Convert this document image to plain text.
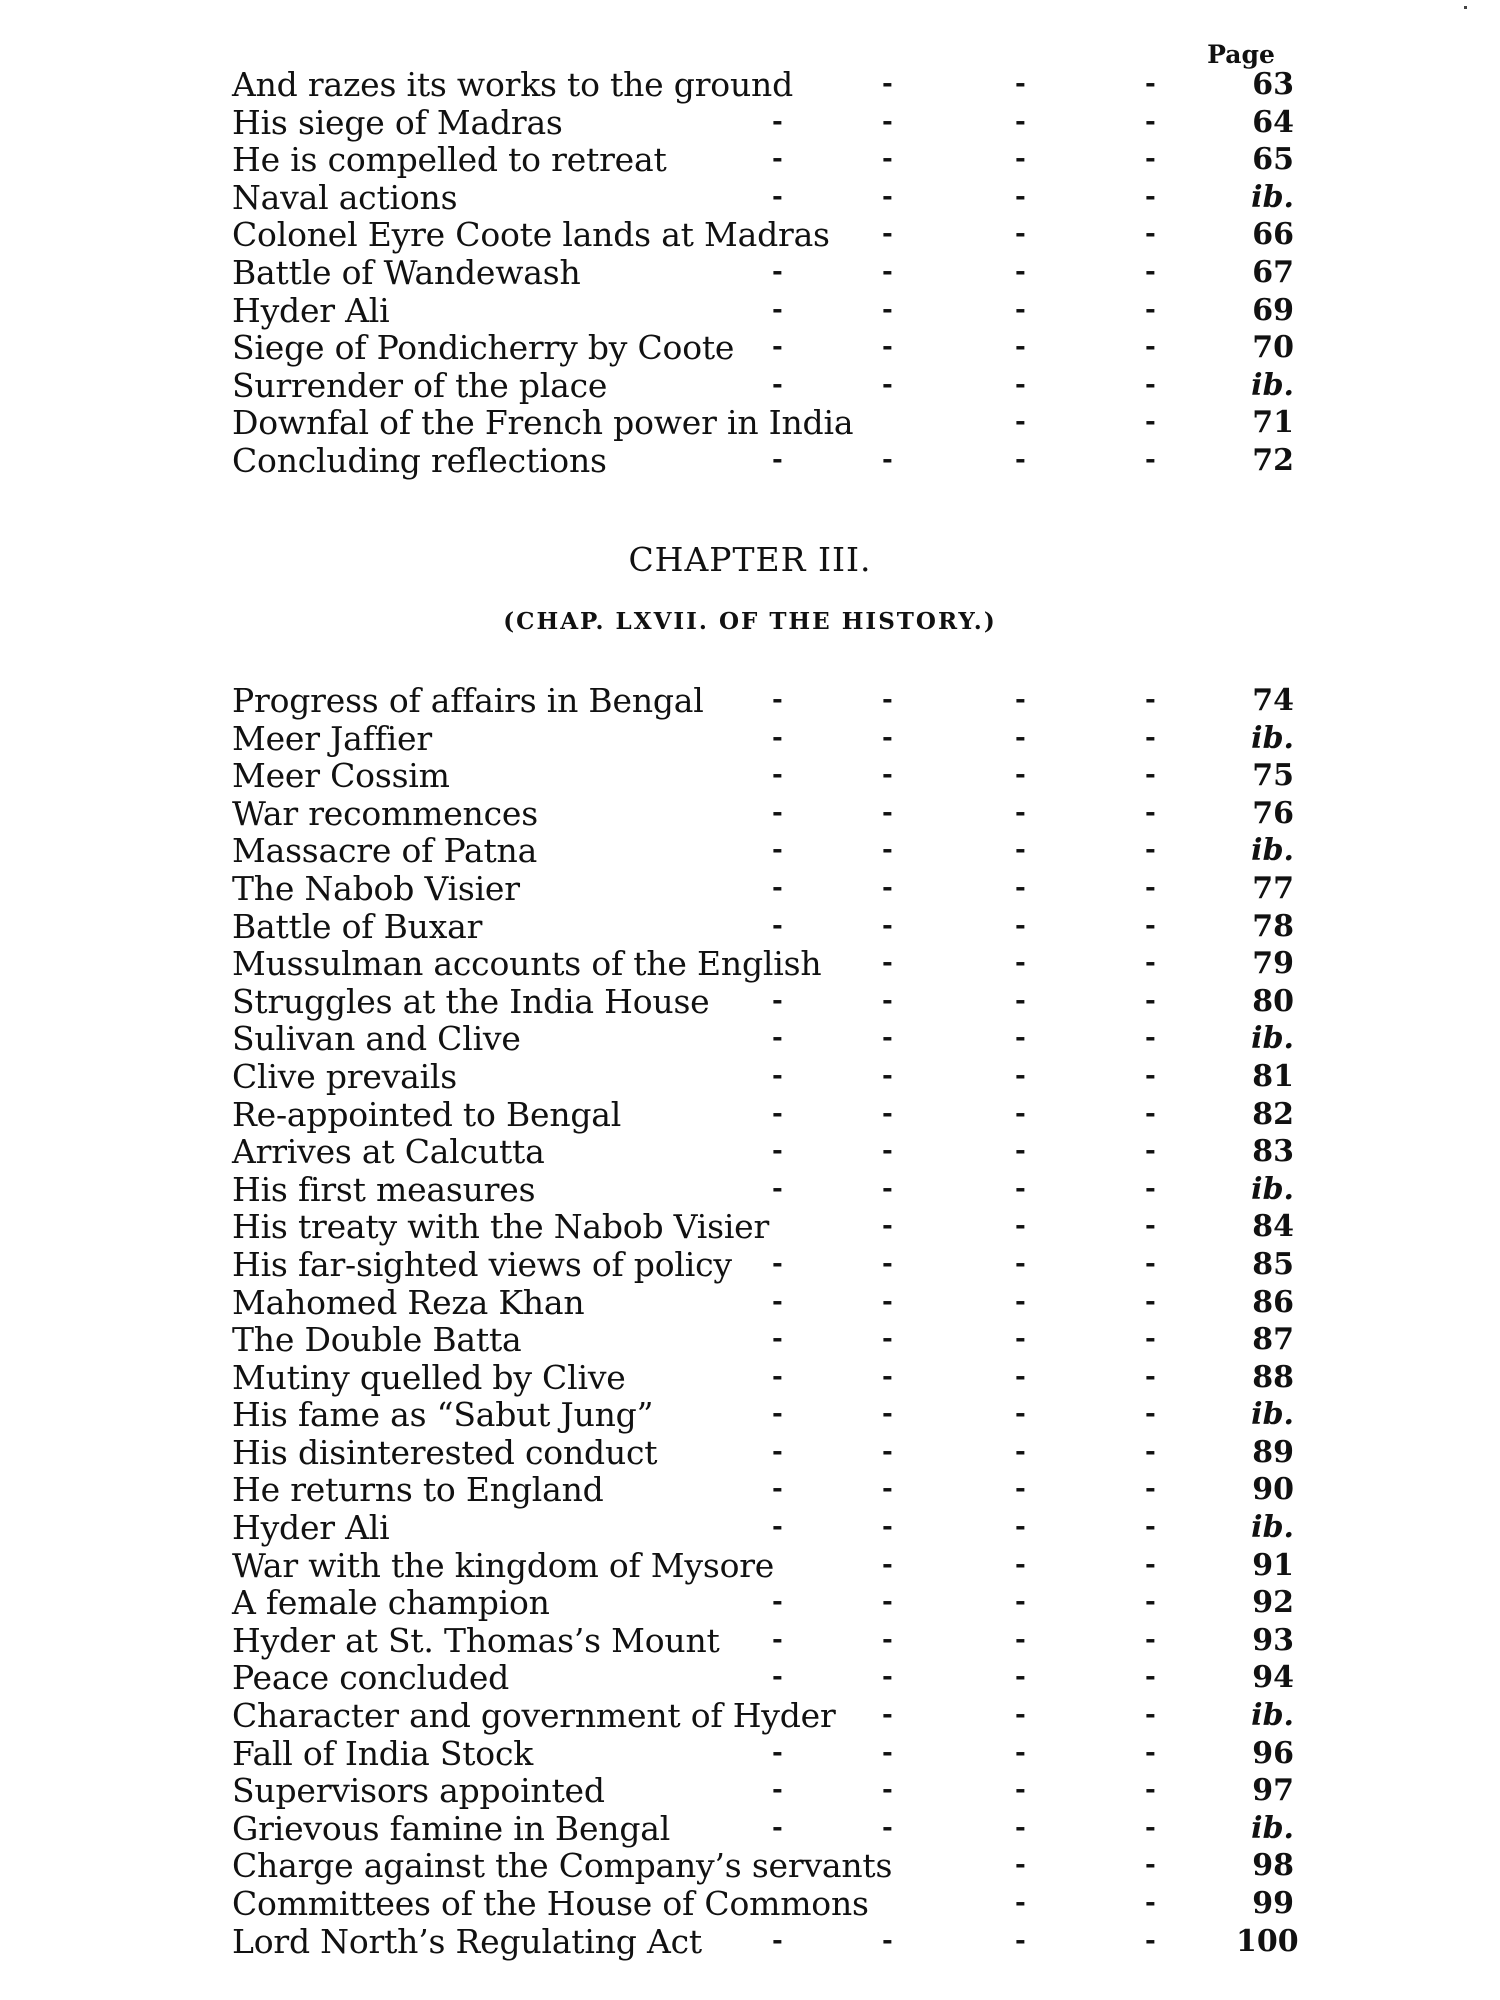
Page
And razes its works to the ground	-	-	-	63
His siege of Madras	-	-	-	-	64
He is compelled to retreat	-	-	-	-	65
Naval actions	-	-	-	-	ib.
Colonel Eyre Coote lands at Madras -	-	-	66
Battle of Wandewash	-	-	-	-	67
Hyder Ali	-	-	-	-	69
Siege of Pondicherry by Coote -	-	-	-	70
Surrender of the place	-	-	-	-	ib.
Downfal of the French power in India	-	-	71
Concluding reflections	-	-	-	-	72
CHAPTER III.
(CHAP. LXVII. OF THE HISTORY.)
Progress of affairs in Bengal	-	-	-	-	74
Meer Jaffier	-	-	-	-	ib.
Meer Cossim	-	-	-	-	75
War recommences	-	-	-	-	76
Massacre of Patna	-	-	-	-	ib.
The Nabob Visier	-	-	-	-	77
Battle of Buxar	-	-	-	-	78
Mussulman accounts of the English -	-	-	79
Struggles at the India House -	-	-	-	80
Sulivan and Clive	-	-	-	-	ib.
Clive prevails	-	-	-	-	81
Re-appointed to Bengal	-	-	-	-	82
Arrives at Calcutta	-	-	-	-	83
His first measures	-	-	-	-	ib.
His treaty with the Nabob Visier	-	-	-	84
His far-sighted views of policy -	-	-	-	85
Mahomed Reza Khan	-	-	-	-	86
The Double Batta	-	-	-	-	87
Mutiny quelled by Clive	-	-	-	-	88
His fame as “Sabut Jung”	-	-	-	-	ib.
His disinterested conduct	-	-	-	-	89
He returns to England	-	-	-	-	90
Hyder Ali	-	-	-	-	ib.
War with the kingdom of Mysore	-	-	-	91
A female champion	-	-	-	-	92
Hyder at St. Thomas’s Mount -	-	-	-	93
Peace concluded	-	-	-	-	94
Character and government of Hyder -	-	-	ib.
Fall of India Stock	-	-	-	-	96
Supervisors appointed	-	-	-	-	97
Grievous famine in Bengal	-	-	-	-	ib.
Charge against the Company’s servants	-	-	98
Committees of the House of Commons	-	-	99
Lord North’s Regulating Act	-	-	-	-	100
